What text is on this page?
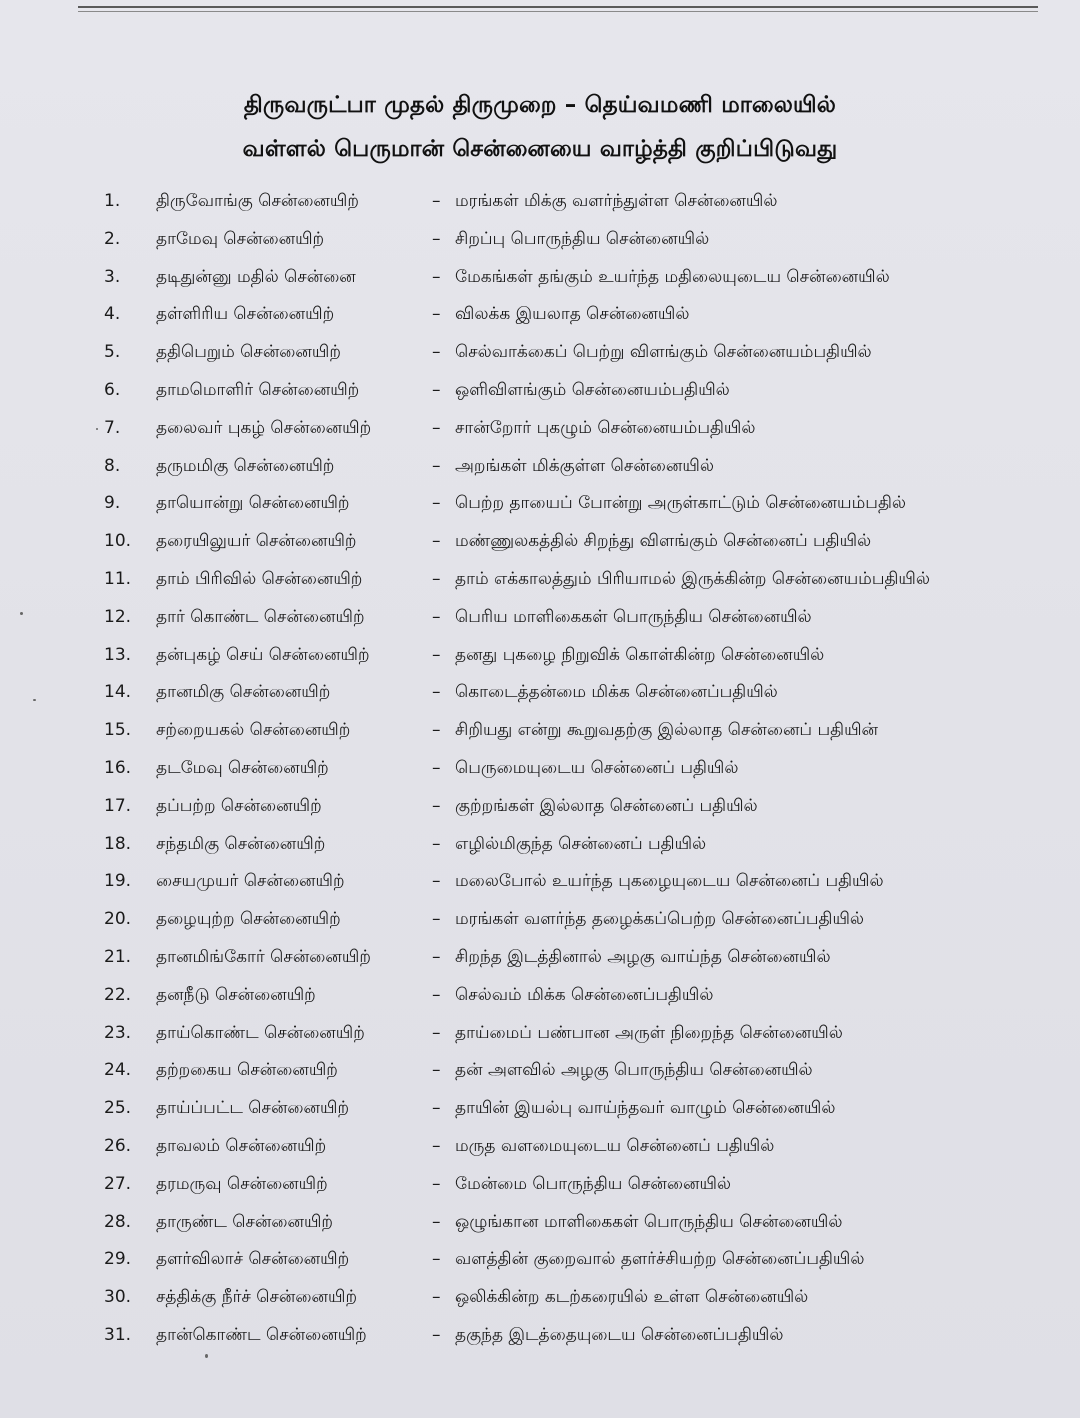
திருவருட்பா முதல் திருமுறை – தெய்வமணி மாலையில்
வள்ளல் பெருமான் சென்னையை வாழ்த்தி குறிப்பிடுவது
1.	திருவோங்கு சென்னையிற்	– மரங்கள் மிக்கு வளர்ந்துள்ள சென்னையில்
2.	தாமேவு சென்னையிற்	– சிறப்பு பொருந்திய சென்னையில்
3.	தடிதுன்னு மதில் சென்னை	– மேகங்கள் தங்கும் உயர்ந்த மதிலையுடைய சென்னையில்
4.	தள்ளிரிய சென்னையிற்	– விலக்க இயலாத சென்னையில்
5.	ததிபெறும் சென்னையிற்	– செல்வாக்கைப் பெற்று விளங்கும் சென்னையம்பதியில்
6.	தாமமொளிர் சென்னையிற்	– ஒளிவிளங்கும் சென்னையம்பதியில்
7.	தலைவர் புகழ் சென்னையிற்	– சான்றோர் புகழும் சென்னையம்பதியில்
8.	தருமமிகு சென்னையிற்	– அறங்கள் மிக்குள்ள சென்னையில்
9.	தாயொன்று சென்னையிற்	– பெற்ற தாயைப் போன்று அருள்காட்டும் சென்னையம்பதில்
10.	தரையிலுயர் சென்னையிற்	– மண்ணுலகத்தில் சிறந்து விளங்கும் சென்னைப் பதியில்
11.	தாம் பிரிவில் சென்னையிற்	– தாம் எக்காலத்தும் பிரியாமல் இருக்கின்ற சென்னையம்பதியில்
12.	தார் கொண்ட சென்னையிற்	– பெரிய மாளிகைகள் பொருந்திய சென்னையில்
13.	தன்புகழ் செய் சென்னையிற்	– தனது புகழை நிறுவிக் கொள்கின்ற சென்னையில்
14.	தானமிகு சென்னையிற்	– கொடைத்தன்மை மிக்க சென்னைப்பதியில்
15.	சற்றையகல் சென்னையிற்	– சிறியது என்று கூறுவதற்கு இல்லாத சென்னைப் பதியின்
16.	தடமேவு சென்னையிற்	– பெருமையுடைய சென்னைப் பதியில்
17.	தப்பற்ற சென்னையிற்	– குற்றங்கள் இல்லாத சென்னைப் பதியில்
18.	சந்தமிகு சென்னையிற்	– எழில்மிகுந்த சென்னைப் பதியில்
19.	சையமுயர் சென்னையிற்	– மலைபோல் உயர்ந்த புகழையுடைய சென்னைப் பதியில்
20.	தழையுற்ற சென்னையிற்	– மரங்கள் வளர்ந்த தழைக்கப்பெற்ற சென்னைப்பதியில்
21.	தானமிங்கோர் சென்னையிற்	– சிறந்த இடத்தினால் அழகு வாய்ந்த சென்னையில்
22.	தனநீடு சென்னையிற்	– செல்வம் மிக்க சென்னைப்பதியில்
23.	தாய்கொண்ட சென்னையிற்	– தாய்மைப் பண்பான அருள் நிறைந்த சென்னையில்
24.	தற்றகைய சென்னையிற்	– தன் அளவில் அழகு பொருந்திய சென்னையில்
25.	தாய்ப்பட்ட சென்னையிற்	– தாயின் இயல்பு வாய்ந்தவர் வாழும் சென்னையில்
26.	தாவலம் சென்னையிற்	– மருத வளமையுடைய சென்னைப் பதியில்
27.	தரமருவு சென்னையிற்	– மேன்மை பொருந்திய சென்னையில்
28.	தாருண்ட சென்னையிற்	– ஒழுங்கான மாளிகைகள் பொருந்திய சென்னையில்
29.	தளர்விலாச் சென்னையிற்	– வளத்தின் குறைவால் தளர்ச்சியற்ற சென்னைப்பதியில்
30.	சத்திக்கு நீர்ச் சென்னையிற்	– ஒலிக்கின்ற கடற்கரையில் உள்ள சென்னையில்
31.	தான்கொண்ட சென்னையிற்	– தகுந்த இடத்தையுடைய சென்னைப்பதியில்
